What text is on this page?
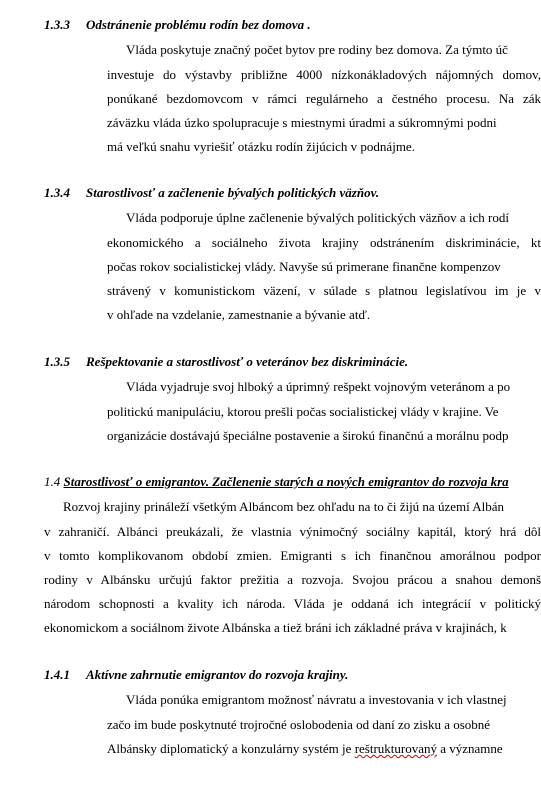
1.3.3 Odstránenie problému rodín bez domova .
Vláda poskytuje značný počet bytov pre rodiny bez domova. Za týmto úč
investuje do výstavby približne 4000 nízkonákladových nájomných domov,
ponúkané bezdomovcom v rámci regulárneho a čestného procesu. Na zák
záväzku vláda úzko spolupracuje s miestnymi úradmi a súkromnými podni
má veľkú snahu vyriešiť otázku rodín žijúcich v podnájme.
1.3.4 Starostlivosť a začlenenie bývalých politických väzňov.
Vláda podporuje úplne začlenenie bývalých politických väzňov a ich rodí
ekonomického a sociálneho života krajiny odstránením diskriminácie, kt
počas rokov socialistickej vlády. Navyše sú primerane finančne kompenzov
strávený v komunistickom väzení, v súlade s platnou legislatívou im je v
v ohľade na vzdelanie, zamestnanie a bývanie atď.
1.3.5 Rešpektovanie a starostlivosť o veteránov bez diskriminácie.
Vláda vyjadruje svoj hlboký a úprimný rešpekt vojnovým veteránom a po
politickú manipuláciu, ktorou prešli počas socialistickej vlády v krajine. Ve
organizácie dostávajú špeciálne postavenie a širokú finančnú a morálnu podp
1.4 Starostlivosť o emigrantov. Začlenenie starých a nových emigrantov do rozvoja kra
Rozvoj krajiny prináleží všetkým Albáncom bez ohľadu na to či žijú na území Albán
v zahraničí. Albánci preukázali, že vlastnia výnimočný sociálny kapitál, ktorý hrá dôl
v tomto komplikovanom období zmien. Emigranti s ich finančnou amorálnou podpor
rodiny v Albánsku určujú faktor prežitia a rozvoja. Svojou prácou a snahou demonš
národom schopnosti a kvality ich národa. Vláda je oddaná ich integrácií v politický
ekonomickom a sociálnom živote Albánska a tiež bráni ich základné práva v krajinách, k
1.4.1 Aktívne zahrnutie emigrantov do rozvoja krajiny.
Vláda ponúka emigrantom možnosť návratu a investovania v ich vlastnej
začo im bude poskytnuté trojročné oslobodenia od daní zo zisku a osobné
Albánsky diplomatický a konzulárny systém je reštrukturovaný a významne
